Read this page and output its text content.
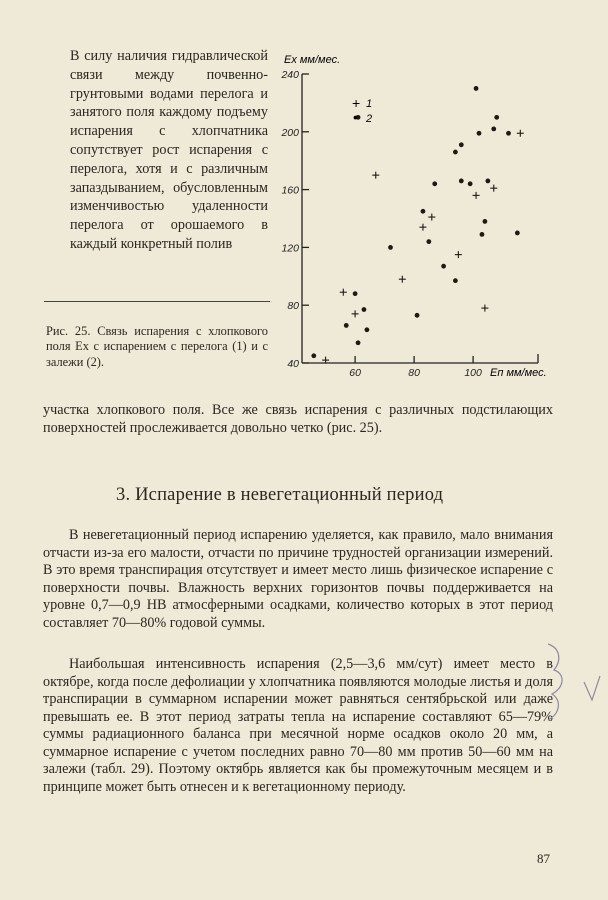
В силу наличия гидравлической связи между почвенно-грунтовыми водами перелога и занятого поля каждому подъему испарения с хлопчатника сопутствует рост испарения с перелога, хотя и с различным запаздыванием, обусловленным изменчивостью удаленности перелога от орошаемого в каждый конкретный полив

40
80
120
160
200
240
60	80	100
Ex мм/мес.
Eп мм/мес.
+ 1
• 2

Рис. 25. Связь испарения с хлопкового поля Eх с испарением с перелога (1) и с залежи (2).

участка хлопкового поля. Все же связь испарения с различных подстилающих поверхностей прослеживается довольно четко (рис. 25).

3. Испарение в невегетационный период

В невегетационный период испарению уделяется, как правило, мало внимания отчасти из-за его малости, отчасти по причине трудностей организации измерений. В это время транспирация отсутствует и имеет место лишь физическое испарение с поверхности почвы. Влажность верхних горизонтов почвы поддерживается на уровне 0,7—0,9 НВ атмосферными осадками, количество которых в этот период составляет 70—80% годовой суммы.

Наибольшая интенсивность испарения (2,5—3,6 мм/сут) имеет место в октябре, когда после дефолиации у хлопчатника появляются молодые листья и доля транспирации в суммарном испарении может равняться сентябрьской или даже превышать ее. В этот период затраты тепла на испарение составляют 65—79% суммы радиационного баланса при месячной норме осадков около 20 мм, а суммарное испарение с учетом последних равно 70—80 мм против 50—60 мм на залежи (табл. 29). Поэтому октябрь является как бы промежуточным месяцем и в принципе может быть отнесен и к вегетационному периоду.

87
